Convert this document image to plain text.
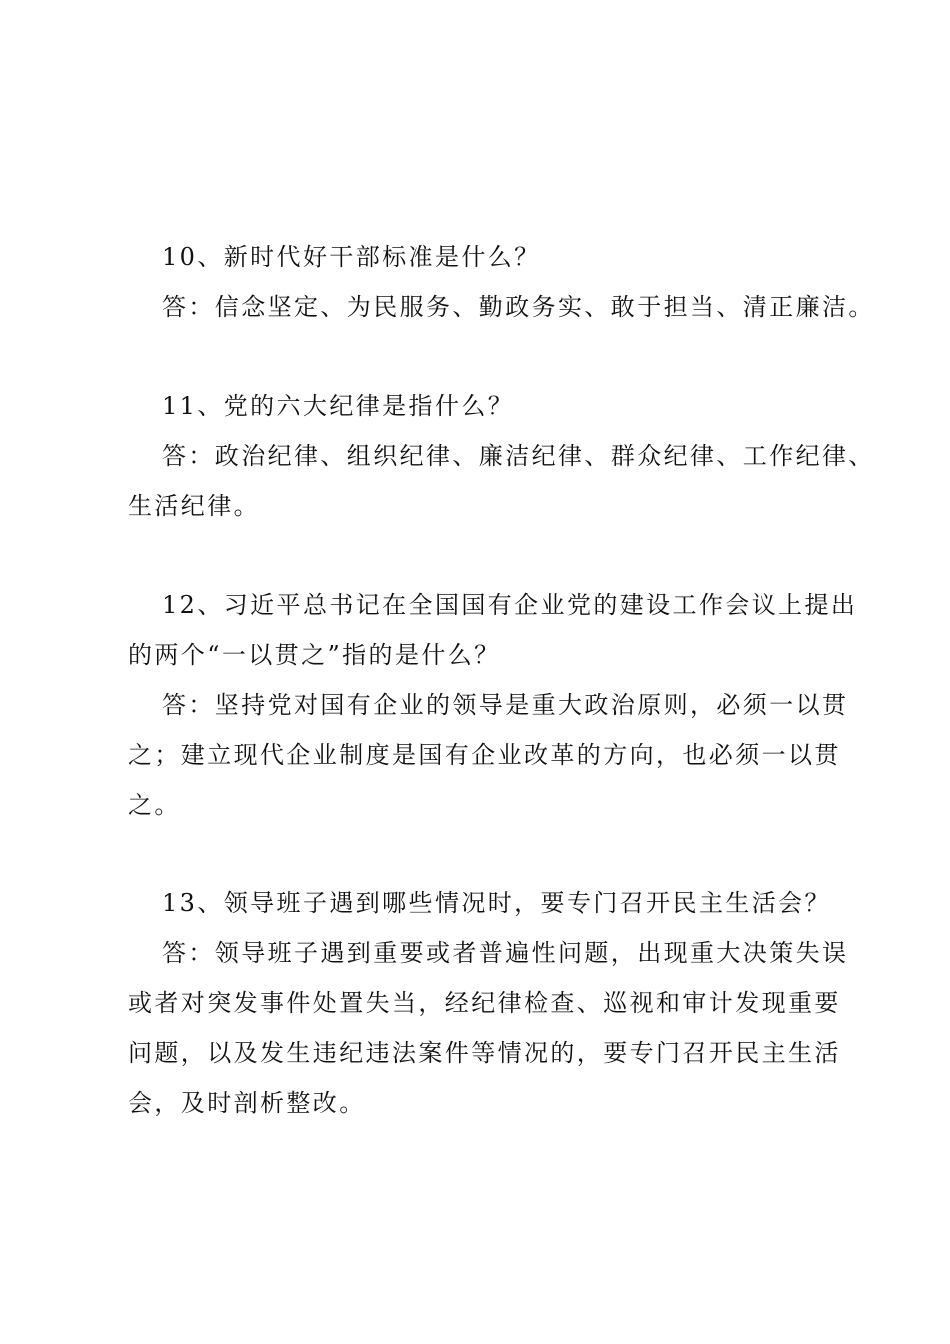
10、新时代好干部标准是什么？
答：信念坚定、为民服务、勤政务实、敢于担当、清正廉洁。
11、党的六大纪律是指什么？
答：政治纪律、组织纪律、廉洁纪律、群众纪律、工作纪律、
生活纪律。
12、习近平总书记在全国国有企业党的建设工作会议上提出
的两个“一以贯之”指的是什么？
答：坚持党对国有企业的领导是重大政治原则，必须一以贯
之；建立现代企业制度是国有企业改革的方向，也必须一以贯
之。
13、领导班子遇到哪些情况时，要专门召开民主生活会？
答：领导班子遇到重要或者普遍性问题，出现重大决策失误
或者对突发事件处置失当，经纪律检查、巡视和审计发现重要
问题，以及发生违纪违法案件等情况的，要专门召开民主生活
会，及时剖析整改。
